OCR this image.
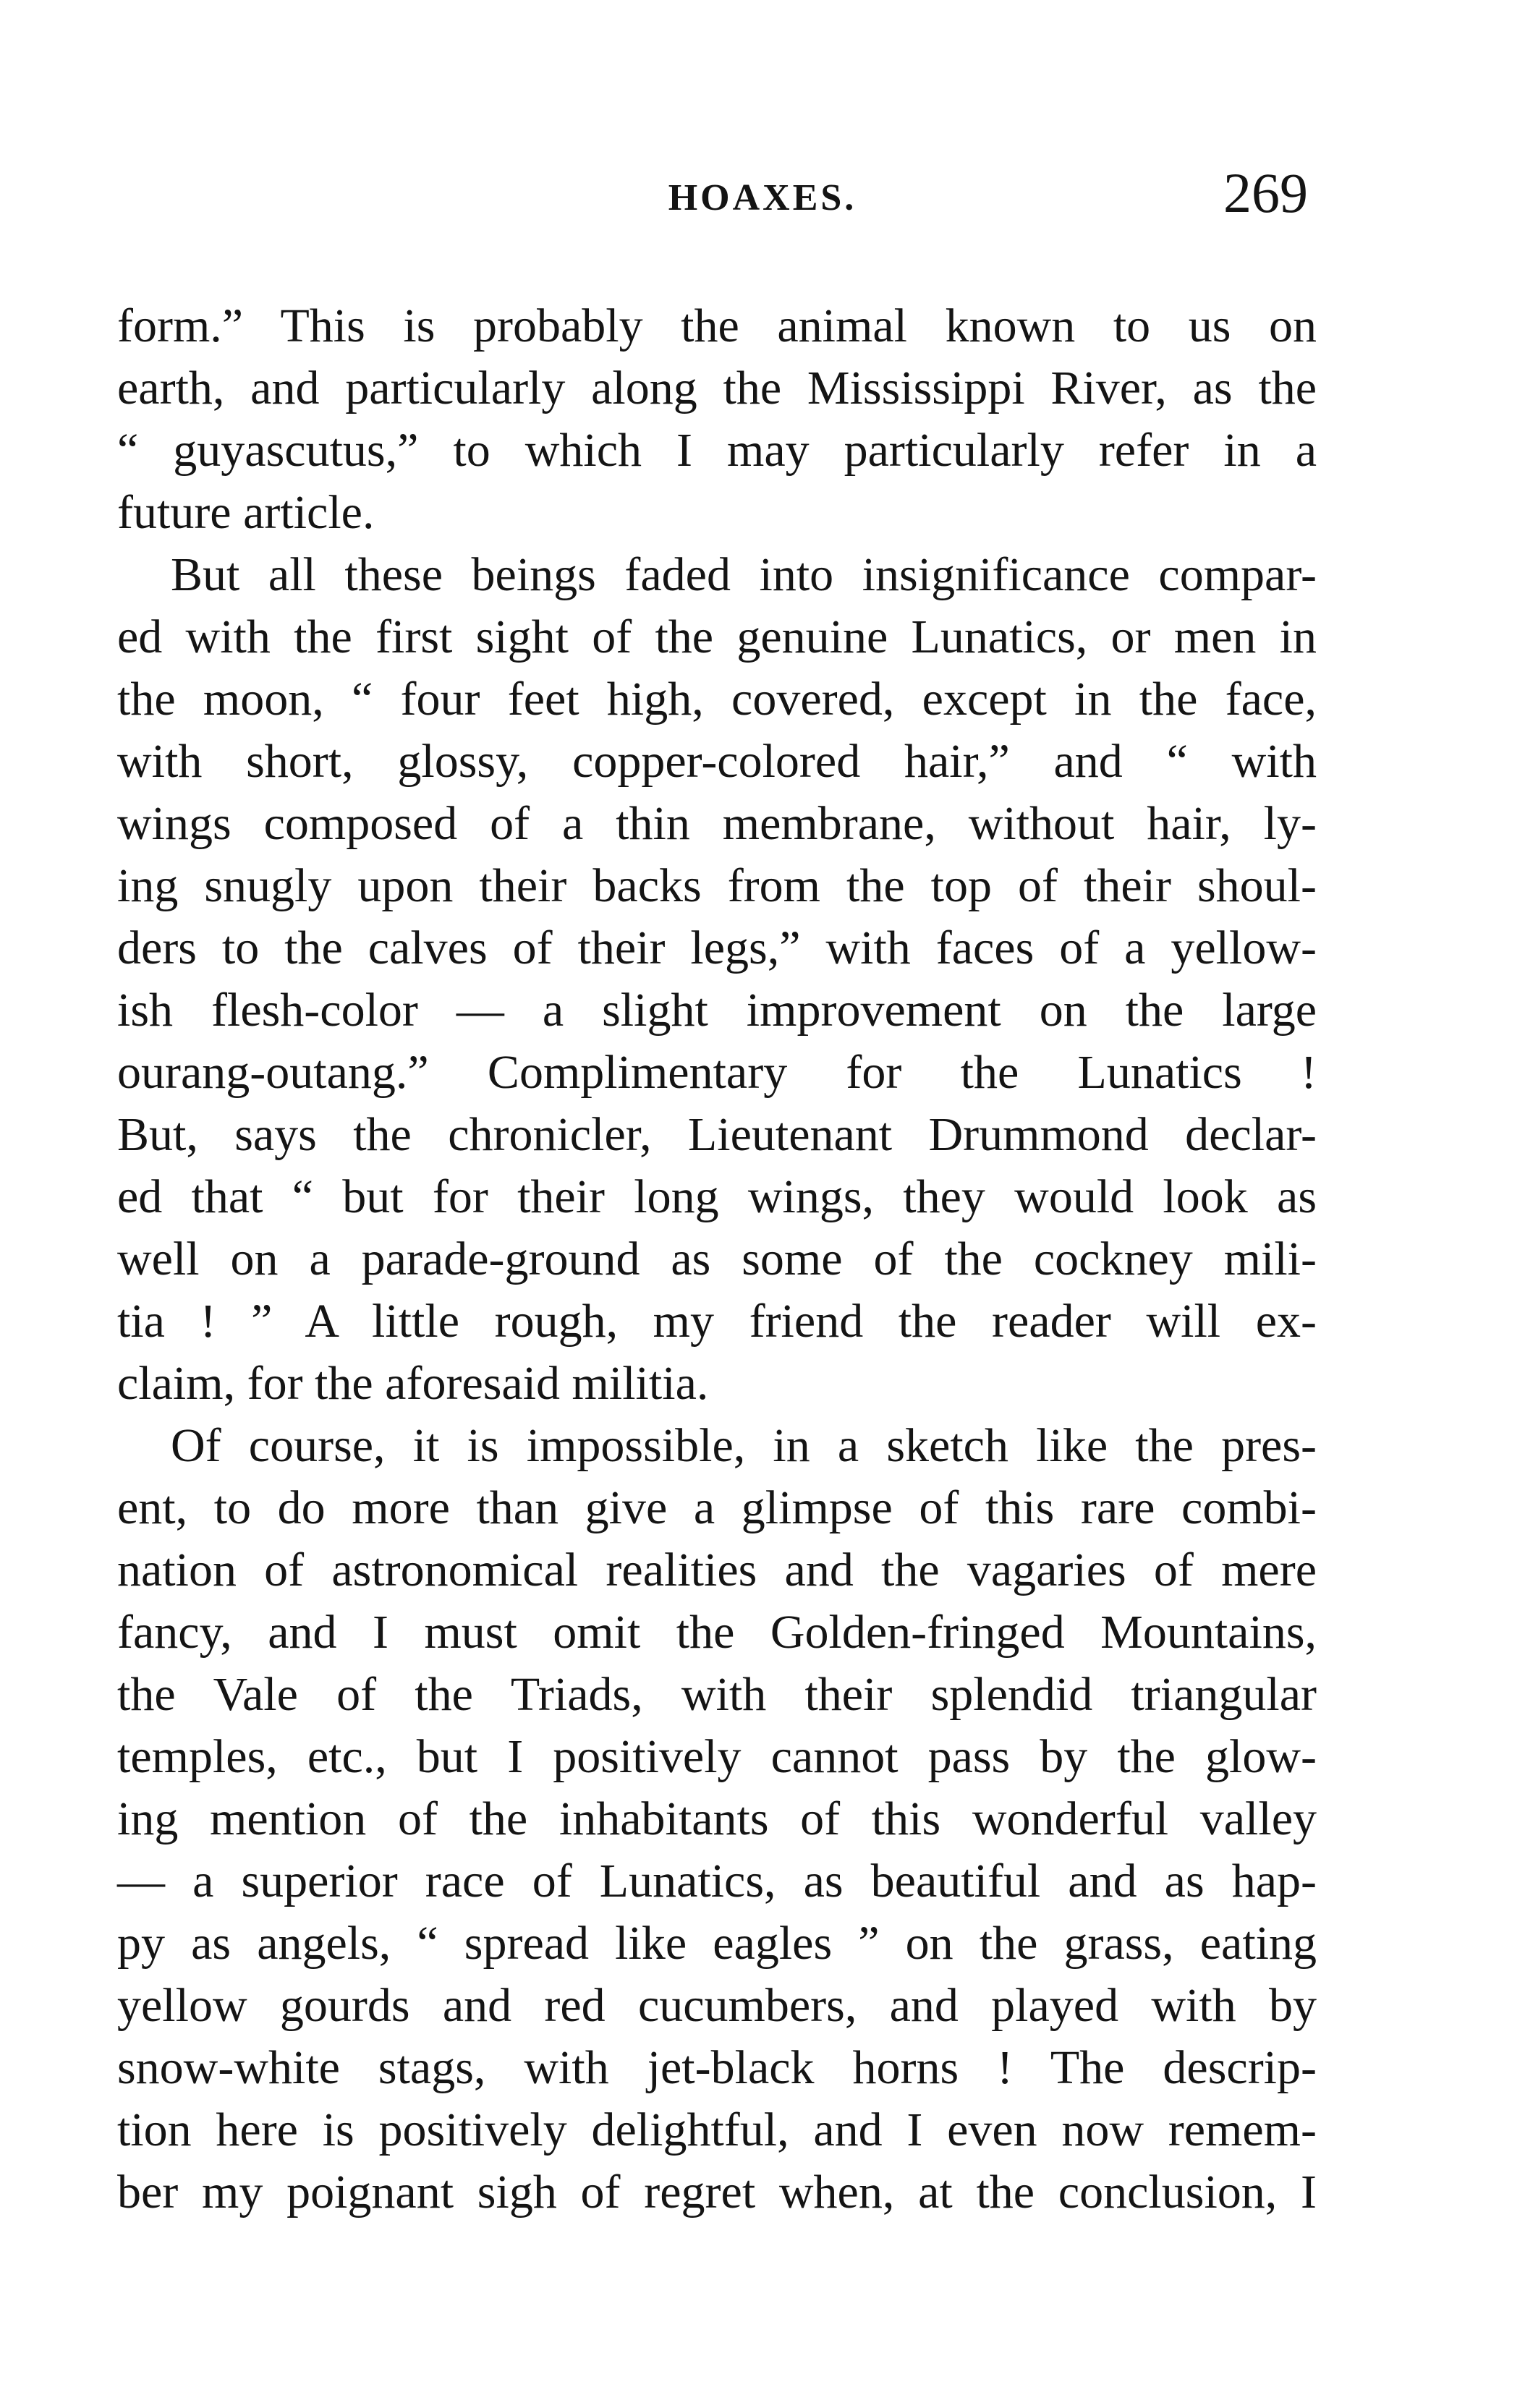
HOAXES.	269
form.” This is probably the animal known to us on
earth, and particularly along the Mississippi River, as the
“ guyascutus,” to which I may particularly refer in a
future article.
But all these beings faded into insignificance compar-
ed with the first sight of the genuine Lunatics, or men in
the moon, “ four feet high, covered, except in the face,
with short, glossy, copper-colored hair,” and “ with
wings composed of a thin membrane, without hair, ly-
ing snugly upon their backs from the top of their shoul-
ders to the calves of their legs,” with faces of a yellow-
ish flesh-color — a slight improvement on the large
ourang-outang.” Complimentary for the Lunatics !
But, says the chronicler, Lieutenant Drummond declar-
ed that “ but for their long wings, they would look as
well on a parade-ground as some of the cockney mili-
tia ! ” A little rough, my friend the reader will ex-
claim, for the aforesaid militia.
Of course, it is impossible, in a sketch like the pres-
ent, to do more than give a glimpse of this rare combi-
nation of astronomical realities and the vagaries of mere
fancy, and I must omit the Golden-fringed Mountains,
the Vale of the Triads, with their splendid triangular
temples, etc., but I positively cannot pass by the glow-
ing mention of the inhabitants of this wonderful valley
— a superior race of Lunatics, as beautiful and as hap-
py as angels, “ spread like eagles ” on the grass, eating
yellow gourds and red cucumbers, and played with by
snow-white stags, with jet-black horns ! The descrip-
tion here is positively delightful, and I even now remem-
ber my poignant sigh of regret when, at the conclusion, I
